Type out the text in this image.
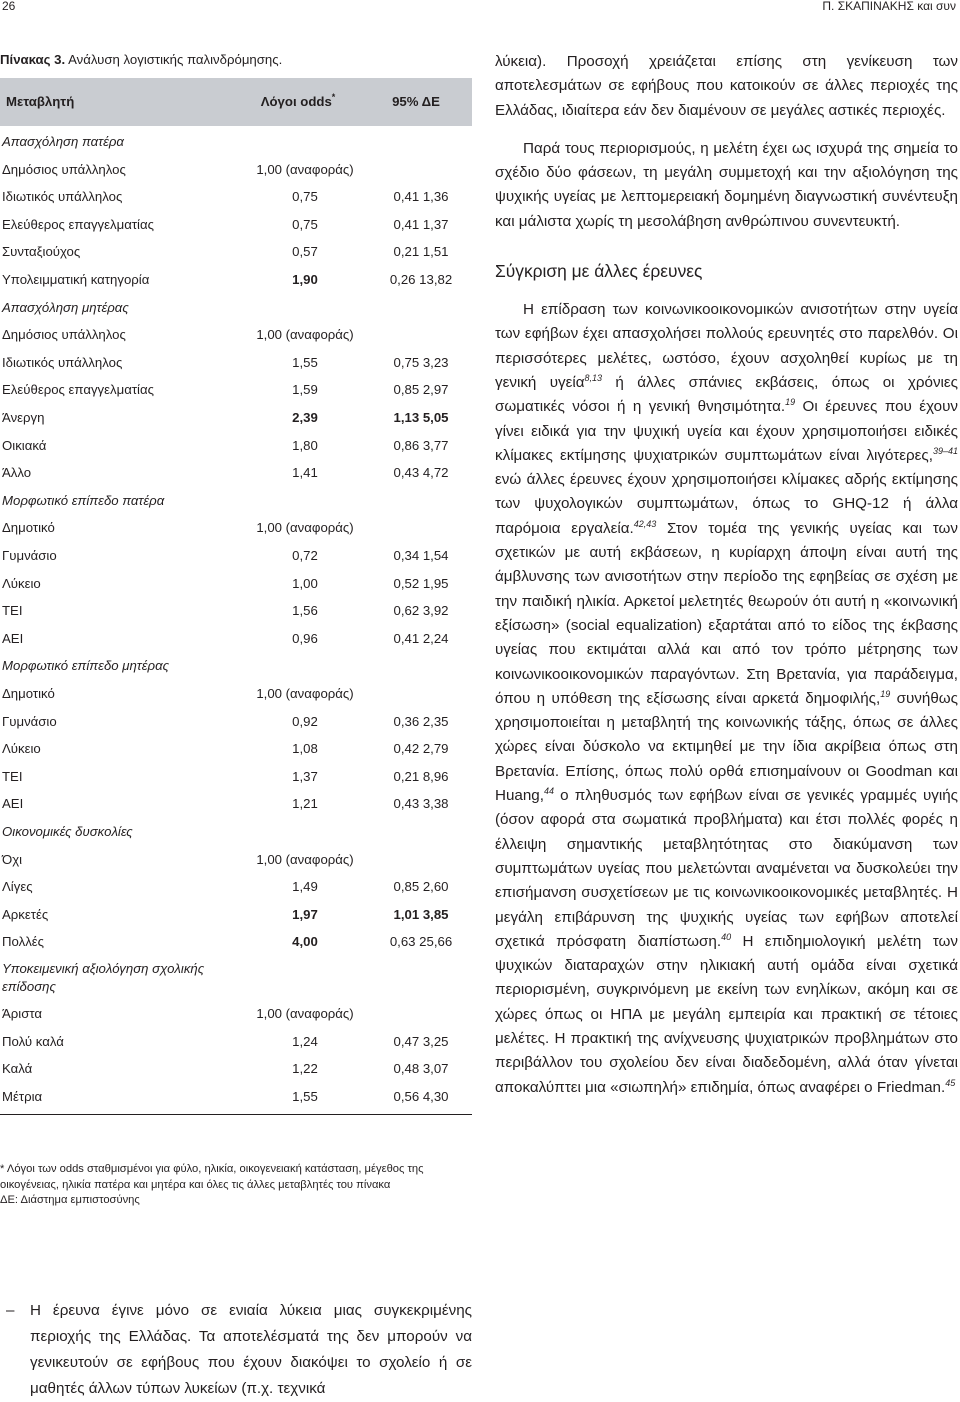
26	Π. ΣΚΑΠΙΝΑΚΗΣ και συν
Πίνακας 3. Ανάλυση λογιστικής παλινδρόμησης.
Μεταβλητή	Λόγοι odds*	95% ΔΕ
Απασχόληση πατέρα
Δημόσιος υπάλληλος	1,00 (αναφοράς)
Ιδιωτικός υπάλληλος	0,75	0,41 1,36
Ελεύθερος επαγγελματίας	0,75	0,41 1,37
Συνταξιούχος	0,57	0,21 1,51
Υπολειμματική κατηγορία	1,90	0,26 13,82
Απασχόληση μητέρας
Δημόσιος υπάλληλος	1,00 (αναφοράς)
Ιδιωτικός υπάλληλος	1,55	0,75 3,23
Ελεύθερος επαγγελματίας	1,59	0,85 2,97
Άνεργη	2,39	1,13 5,05
Οικιακά	1,80	0,86 3,77
Άλλο	1,41	0,43 4,72
Μορφωτικό επίπεδο πατέρα
Δημοτικό	1,00 (αναφοράς)
Γυμνάσιο	0,72	0,34 1,54
Λύκειο	1,00	0,52 1,95
ΤΕΙ	1,56	0,62 3,92
ΑΕΙ	0,96	0,41 2,24
Μορφωτικό επίπεδο μητέρας
Δημοτικό	1,00 (αναφοράς)
Γυμνάσιο	0,92	0,36 2,35
Λύκειο	1,08	0,42 2,79
ΤΕΙ	1,37	0,21 8,96
ΑΕΙ	1,21	0,43 3,38
Οικονομικές δυσκολίες
Όχι	1,00 (αναφοράς)
Λίγες	1,49	0,85 2,60
Αρκετές	1,97	1,01 3,85
Πολλές	4,00	0,63 25,66
Υποκειμενική αξιολόγηση σχολικής επίδοσης
Άριστα	1,00 (αναφοράς)
Πολύ καλά	1,24	0,47 3,25
Καλά	1,22	0,48 3,07
Μέτρια	1,55	0,56 4,30

* Λόγοι των odds σταθμισμένοι για φύλο, ηλικία, οικογενειακή κατάσταση, μέγεθος της οικογένειας, ηλικία πατέρα και μητέρα και όλες τις άλλες μεταβλητές του πίνακα

ΔΕ: Διάστημα εμπιστοσύνης

– Η έρευνα έγινε μόνο σε ενιαία λύκεια μιας συγκεκριμένης περιοχής της Ελλάδας. Τα αποτελέσματά της δεν μπορούν να γενικευτούν σε εφήβους που έχουν διακόψει το σχολείο ή σε μαθητές άλλων τύπων λυκείων (π.χ. τεχνικά

λύκεια). Προσοχή χρειάζεται επίσης στη γενίκευση των αποτελεσμάτων σε εφήβους που κατοικούν σε άλλες περιοχές της Ελλάδας, ιδιαίτερα εάν δεν διαμένουν σε μεγάλες αστικές περιοχές.

Παρά τους περιορισμούς, η μελέτη έχει ως ισχυρά της σημεία το σχέδιο δύο φάσεων, τη μεγάλη συμμετοχή και την αξιολόγηση της ψυχικής υγείας με λεπτομερειακή δομημένη διαγνωστική συνέντευξη και μάλιστα χωρίς τη μεσολάβηση ανθρώπινου συνεντευκτή.

Σύγκριση με άλλες έρευνες

Η επίδραση των κοινωνικοοικονομικών ανισοτήτων στην υγεία των εφήβων έχει απασχολήσει πολλούς ερευνητές στο παρελθόν. Οι περισσότερες μελέτες, ωστόσο, έχουν ασχοληθεί κυρίως με τη γενική υγεία$^{8,13}$ ή άλλες σπάνιες εκβάσεις, όπως οι χρόνιες σωματικές νόσοι ή η γενική θνησιμότητα.$^{19}$ Οι έρευνες που έχουν γίνει ειδικά για την ψυχική υγεία και έχουν χρησιμοποιήσει ειδικές κλίμακες εκτίμησης ψυχιατρικών συμπτωμάτων είναι λιγότερες,$^{39-41}$ ενώ άλλες έρευνες έχουν χρησιμοποιήσει κλίμακες αδρής εκτίμησης των ψυχολογικών συμπτωμάτων, όπως το GHQ-12 ή άλλα παρόμοια εργαλεία.$^{42,43}$ Στον τομέα της γενικής υγείας και των σχετικών με αυτή εκβάσεων, η κυρίαρχη άποψη είναι αυτή της άμβλυνσης των ανισοτήτων στην περίοδο της εφηβείας σε σχέση με την παιδική ηλικία. Αρκετοί μελετητές θεωρούν ότι αυτή η «κοινωνική εξίσωση» (social equalization) εξαρτάται από το είδος της έκβασης υγείας που εκτιμάται αλλά και από τον τρόπο μέτρησης των κοινωνικοοικονομικών παραγόντων. Στη Βρετανία, για παράδειγμα, όπου η υπόθεση της εξίσωσης είναι αρκετά δημοφιλής,$^{19}$ συνήθως χρησιμοποιείται η μεταβλητή της κοινωνικής τάξης, όπως σε άλλες χώρες είναι δύσκολο να εκτιμηθεί με την ίδια ακρίβεια όπως στη Βρετανία. Επίσης, όπως πολύ ορθά επισημαίνουν οι Goodman και Huang,$^{44}$ ο πληθυσμός των εφήβων είναι σε γενικές γραμμές υγιής (όσον αφορά στα σωματικά προβλήματα) και έτσι πολλές φορές η έλλειψη σημαντικής μεταβλητότητας στο διακύμανση των συμπτωμάτων υγείας που μελετώνται αναμένεται να δυσκολεύει την επισήμανση συσχετίσεων με τις κοινωνικοοικονομικές μεταβλητές. Η μεγάλη επιβάρυνση της ψυχικής υγείας των εφήβων αποτελεί σχετικά πρόσφατη διαπίστωση.$^{40}$ Η επιδημιολογική μελέτη των ψυχικών διαταραχών στην ηλικιακή αυτή ομάδα είναι σχετικά περιορισμένη, συγκρινόμενη με εκείνη των ενηλίκων, ακόμη και σε χώρες όπως οι ΗΠΑ με μεγάλη εμπειρία και πρακτική σε τέτοιες μελέτες. Η πρακτική της ανίχνευσης ψυχιατρικών προβλημάτων στο περιβάλλον του σχολείου δεν είναι διαδεδομένη, αλλά όταν γίνεται αποκαλύπτει μια «σιωπηλή» επιδημία, όπως αναφέρει ο Friedman.$^{45}$
